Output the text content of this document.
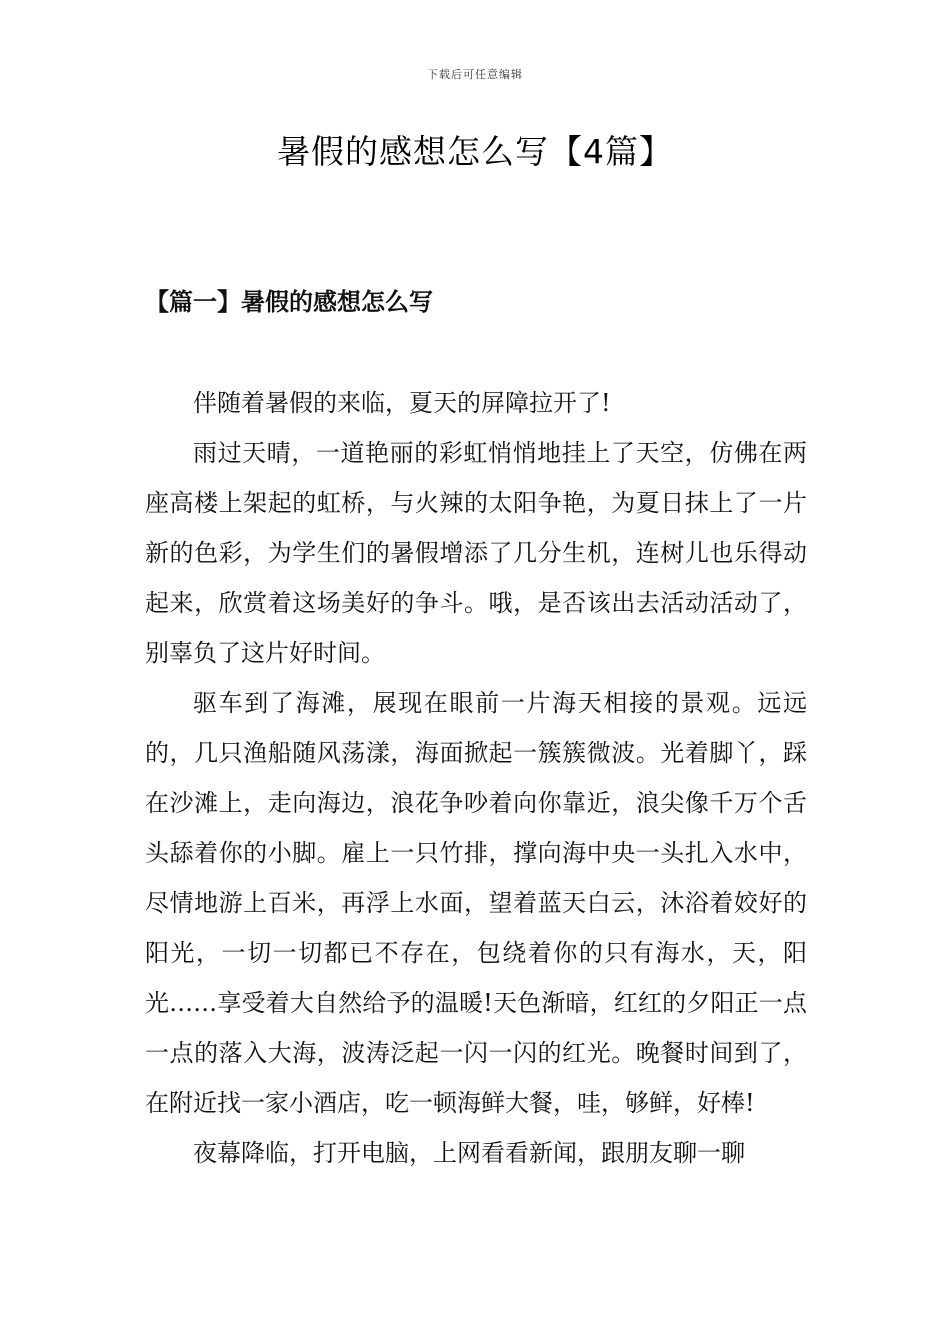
下载后可任意编辑
暑假的感想怎么写【4篇】
【篇一】暑假的感想怎么写

伴随着暑假的来临，夏天的屏障拉开了!

雨过天晴，一道艳丽的彩虹悄悄地挂上了天空，仿佛在两座高楼上架起的虹桥，与火辣的太阳争艳，为夏日抹上了一片新的色彩，为学生们的暑假增添了几分生机，连树儿也乐得动起来，欣赏着这场美好的争斗。哦，是否该出去活动活动了，别辜负了这片好时间。

驱车到了海滩，展现在眼前一片海天相接的景观。远远的，几只渔船随风荡漾，海面掀起一簇簇微波。光着脚丫，踩在沙滩上，走向海边，浪花争吵着向你靠近，浪尖像千万个舌头舔着你的小脚。雇上一只竹排，撑向海中央一头扎入水中，尽情地游上百米，再浮上水面，望着蓝天白云，沐浴着姣好的阳光，一切一切都已不存在，包绕着你的只有海水，天，阳光……享受着大自然给予的温暖!天色渐暗，红红的夕阳正一点一点的落入大海，波涛泛起一闪一闪的红光。晚餐时间到了，在附近找一家小酒店，吃一顿海鲜大餐，哇，够鲜，好棒!

夜幕降临，打开电脑，上网看看新闻，跟朋友聊一聊
